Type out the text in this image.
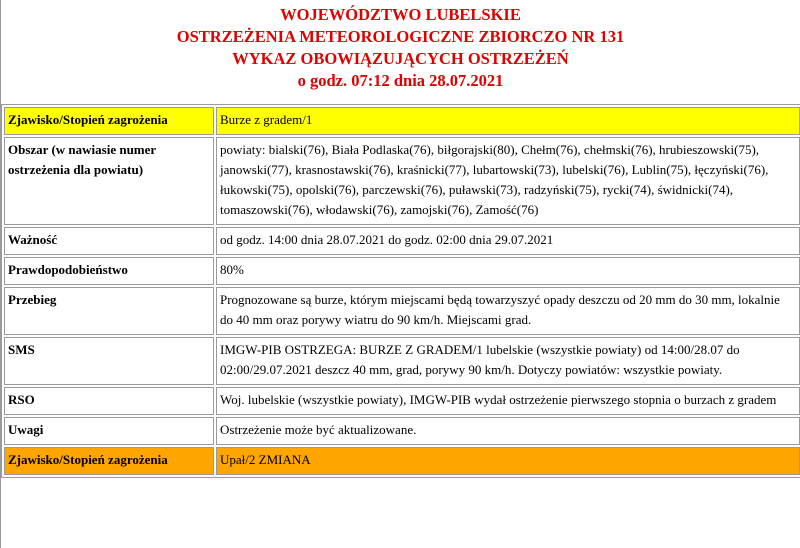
WOJEWÓDZTWO LUBELSKIE
OSTRZEŻENIA METEOROLOGICZNE ZBIORCZO NR 131
WYKAZ OBOWIĄZUJĄCYCH OSTRZEŻEŃ
o godz. 07:12 dnia 28.07.2021
Zjawisko/Stopień zagrożenia	Burze z gradem/1
Obszar (w nawiasie numer ostrzeżenia dla powiatu)	powiaty: bialski(76), Biała Podlaska(76), biłgorajski(80), Chełm(76), chełmski(76), hrubieszowski(75), janowski(77), krasnostawski(76), kraśnicki(77), lubartowski(73), lubelski(76), Lublin(75), łęczyński(76), łukowski(75), opolski(76), parczewski(76), puławski(73), radzyński(75), rycki(74), świdnicki(74), tomaszowski(76), włodawski(76), zamojski(76), Zamość(76)
Ważność	od godz. 14:00 dnia 28.07.2021 do godz. 02:00 dnia 29.07.2021
Prawdopodobieństwo	80%
Przebieg	Prognozowane są burze, którym miejscami będą towarzyszyć opady deszczu od 20 mm do 30 mm, lokalnie do 40 mm oraz porywy wiatru do 90 km/h. Miejscami grad.
SMS	IMGW-PIB OSTRZEGA: BURZE Z GRADEM/1 lubelskie (wszystkie powiaty) od 14:00/28.07 do 02:00/29.07.2021 deszcz 40 mm, grad, porywy 90 km/h. Dotyczy powiatów: wszystkie powiaty.
RSO	Woj. lubelskie (wszystkie powiaty), IMGW-PIB wydał ostrzeżenie pierwszego stopnia o burzach z gradem
Uwagi	Ostrzeżenie może być aktualizowane.
Zjawisko/Stopień zagrożenia	Upał/2 ZMIANA
